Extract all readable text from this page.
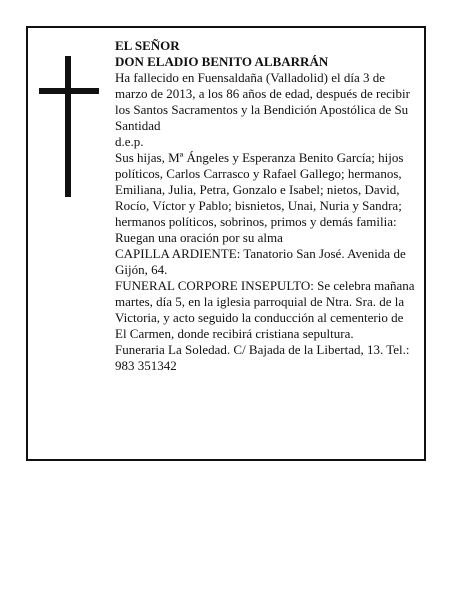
EL SEÑOR

DON ELADIO BENITO ALBARRÁN

Ha fallecido en Fuensaldaña (Valladolid) el día 3 de marzo de 2013, a los 86 años de edad, después de recibir los Santos Sacramentos y la Bendición Apostólica de Su Santidad

d.e.p.

Sus hijas, Mª Ángeles y Esperanza Benito García; hijos políticos, Carlos Carrasco y Rafael Gallego; hermanos, Emiliana, Julia, Petra, Gonzalo e Isabel; nietos, David, Rocío, Víctor y Pablo; bisnietos, Unai, Nuria y Sandra; hermanos políticos, sobrinos, primos y demás familia:

Ruegan una oración por su alma

CAPILLA ARDIENTE: Tanatorio San José. Avenida de Gijón, 64.

FUNERAL CORPORE INSEPULTO: Se celebra mañana martes, día 5, en la iglesia parroquial de Ntra. Sra. de la Victoria, y acto seguido la conducción al cementerio de El Carmen, donde recibirá cristiana sepultura.

Funeraria La Soledad. C/ Bajada de la Libertad, 13. Tel.: 983 351342
